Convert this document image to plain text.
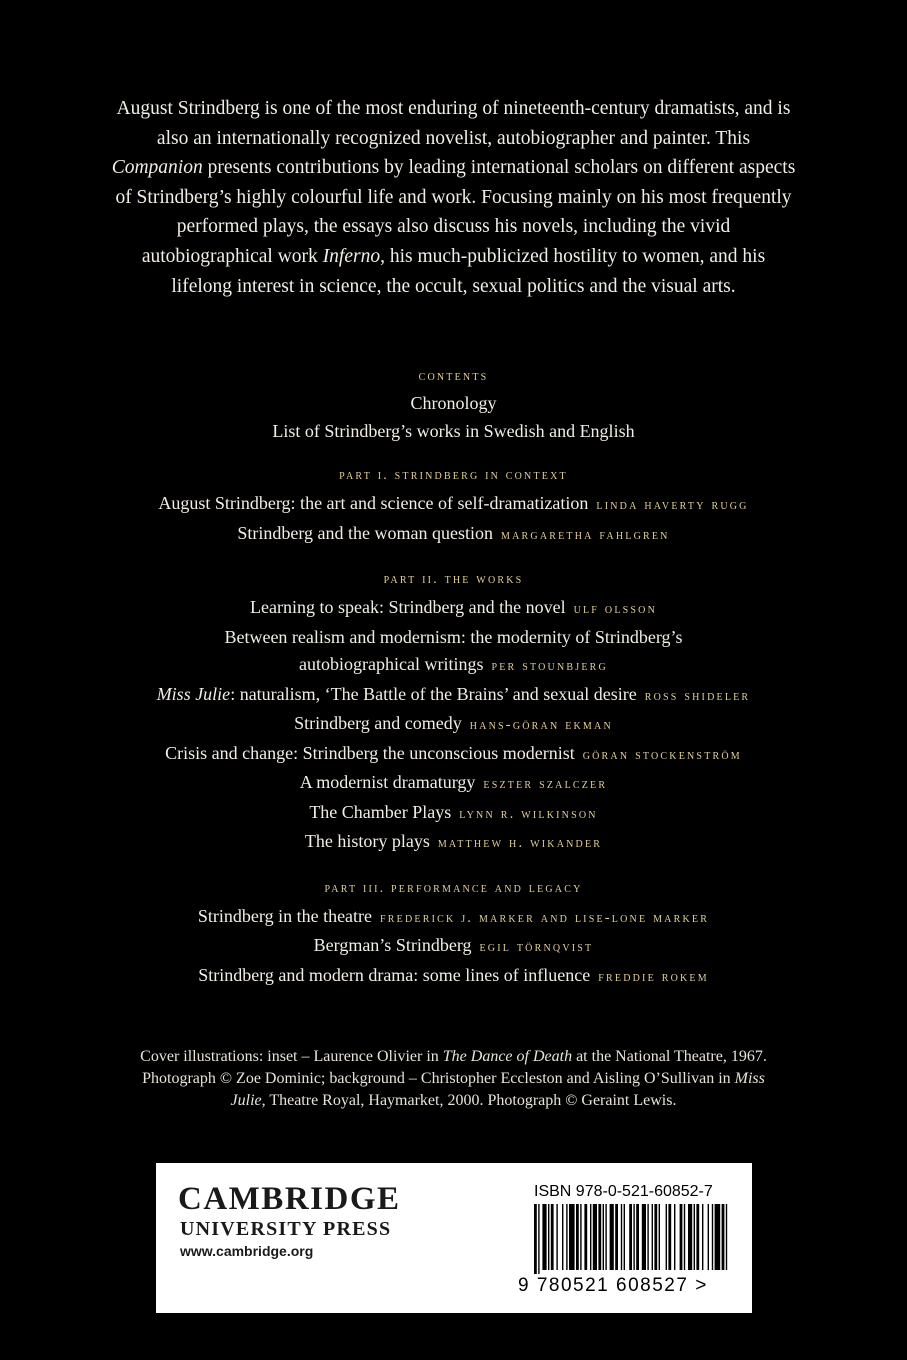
August Strindberg is one of the most enduring of nineteenth-century dramatists, and is also an internationally recognized novelist, autobiographer and painter. This Companion presents contributions by leading international scholars on different aspects of Strindberg’s highly colourful life and work. Focusing mainly on his most frequently performed plays, the essays also discuss his novels, including the vivid autobiographical work Inferno, his much-publicized hostility to women, and his lifelong interest in science, the occult, sexual politics and the visual arts.
contents
Chronology
List of Strindberg’s works in Swedish and English
part i. strindberg in context
August Strindberg: the art and science of self-dramatization linda haverty rugg
Strindberg and the woman question margaretha fahlgren
part ii. the works
Learning to speak: Strindberg and the novel ulf olsson
Between realism and modernism: the modernity of Strindberg’s
autobiographical writings per stounbjerg
Miss Julie: naturalism, ‘The Battle of the Brains’ and sexual desire ross shideler
Strindberg and comedy hans-göran ekman
Crisis and change: Strindberg the unconscious modernist göran stockenström
A modernist dramaturgy eszter szalczer
The Chamber Plays lynn r. wilkinson
The history plays matthew h. wikander
part iii. performance and legacy
Strindberg in the theatre frederick j. marker and lise-lone marker
Bergman’s Strindberg egil törnqvist
Strindberg and modern drama: some lines of influence freddie rokem
Cover illustrations: inset – Laurence Olivier in The Dance of Death at the National Theatre, 1967. Photograph © Zoe Dominic; background – Christopher Eccleston and Aisling O’Sullivan in Miss Julie, Theatre Royal, Haymarket, 2000. Photograph © Geraint Lewis.
CAMBRIDGE
UNIVERSITY PRESS
www.cambridge.org
ISBN 978-0-521-60852-7
9 780521 608527 >
